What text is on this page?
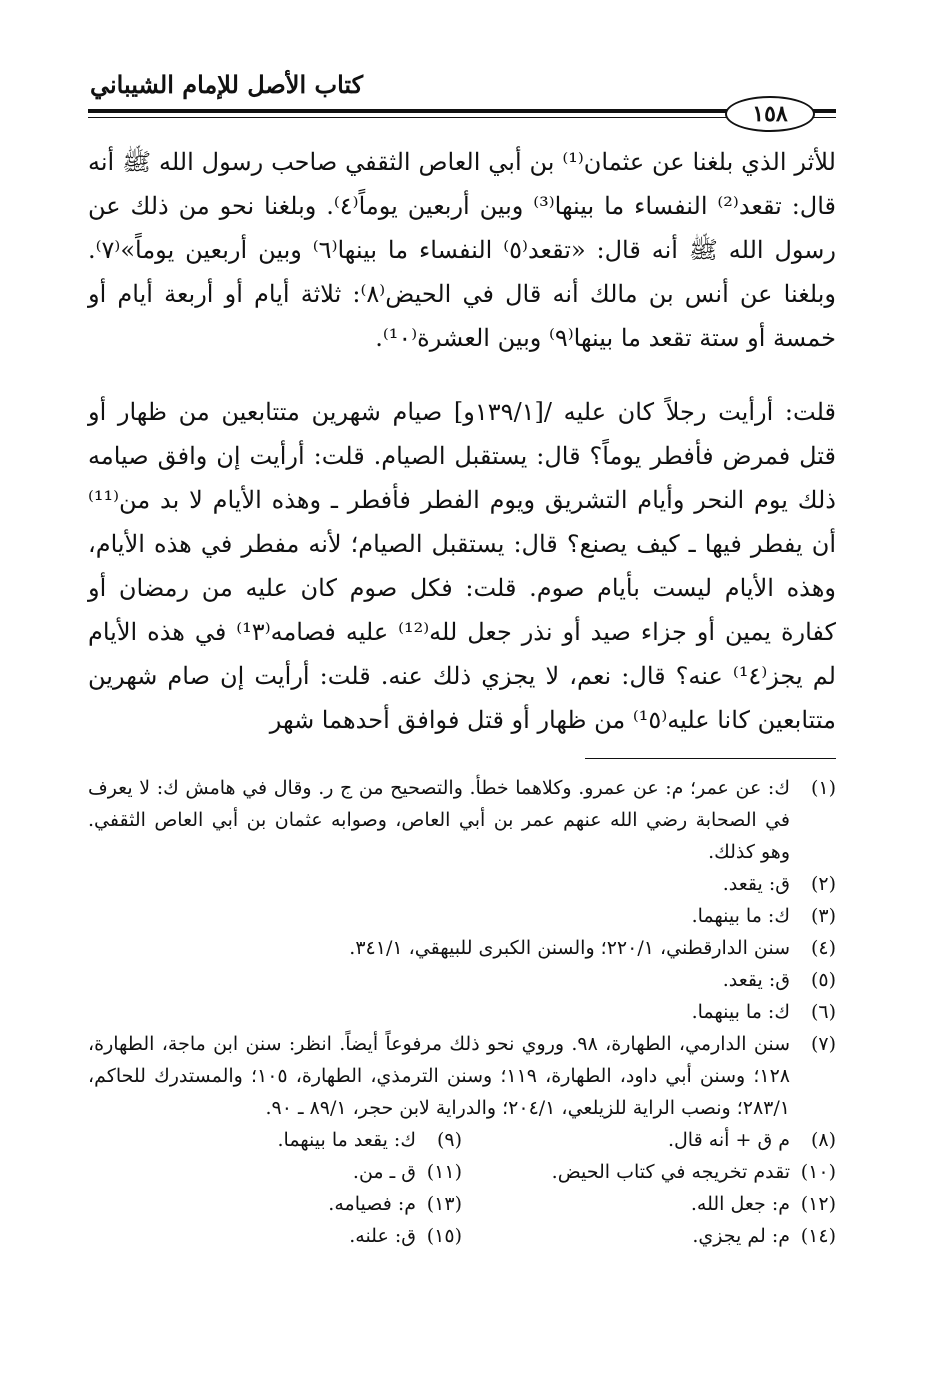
كتاب الأصل للإمام الشيباني
١٥٨

للأثر الذي بلغنا عن عثمان⁽¹⁾ بن أبي العاص الثقفي صاحب رسول الله ﷺ أنه قال: تقعد⁽²⁾ النفساء ما بينها⁽³⁾ وبين أربعين يوماً⁽٤⁾. وبلغنا نحو من ذلك عن رسول الله ﷺ أنه قال: «تقعد⁽٥⁾ النفساء ما بينها⁽٦⁾ وبين أربعين يوماً»⁽٧⁾. وبلغنا عن أنس بن مالك أنه قال في الحيض⁽٨⁾: ثلاثة أيام أو أربعة أيام أو خمسة أو ستة تقعد ما بينها⁽٩⁾ وبين العشرة⁽¹٠⁾.

قلت: أرأيت رجلاً كان عليه /[١٣٩/١و] صيام شهرين متتابعين من ظهار أو قتل فمرض فأفطر يوماً؟ قال: يستقبل الصيام. قلت: أرأيت إن وافق صيامه ذلك يوم النحر وأيام التشريق ويوم الفطر فأفطر ـ وهذه الأيام لا بد من⁽¹¹⁾ أن يفطر فيها ـ كيف يصنع؟ قال: يستقبل الصيام؛ لأنه مفطر في هذه الأيام، وهذه الأيام ليست بأيام صوم. قلت: فكل صوم كان عليه من رمضان أو كفارة يمين أو جزاء صيد أو نذر جعل لله⁽¹²⁾ عليه فصامه⁽¹٣⁾ في هذه الأيام لم يجز⁽¹٤⁾ عنه؟ قال: نعم، لا يجزي ذلك عنه. قلت: أرأيت إن صام شهرين متتابعين كانا عليه⁽¹٥⁾ من ظهار أو قتل فوافق أحدهما شهر

(١)
ك: عن عمر؛ م: عن عمرو. وكلاهما خطأ. والتصحيح من ج ر. وقال في هامش ك: لا يعرف في الصحابة رضي الله عنهم عمر بن أبي العاص، وصوابه عثمان بن أبي العاص الثقفي. وهو كذلك.
(٢)
ق: يقعد.
(٣)
ك: ما بينهما.
(٤)
سنن الدارقطني، ٢٢٠/١؛ والسنن الكبرى للبيهقي، ٣٤١/١.
(٥)
ق: يقعد.
(٦)
ك: ما بينهما.
(٧)
سنن الدارمي، الطهارة، ٩٨. وروي نحو ذلك مرفوعاً أيضاً. انظر: سنن ابن ماجة، الطهارة، ١٢٨؛ وسنن أبي داود، الطهارة، ١١٩؛ وسنن الترمذي، الطهارة، ١٠٥؛ والمستدرك للحاكم، ٢٨٣/١؛ ونصب الراية للزيلعي، ٢٠٤/١؛ والدراية لابن حجر، ٨٩/١ ـ ٩٠.
(٨)
م ق + أنه قال.
(٩)
ك: يقعد ما بينهما.
(١٠)
تقدم تخريجه في كتاب الحيض.
(١١)
ق ـ من.
(١٢)
م: جعل الله.
(١٣)
م: فصيامه.
(١٤)
م: لم يجزي.
(١٥)
ق: علنه.
